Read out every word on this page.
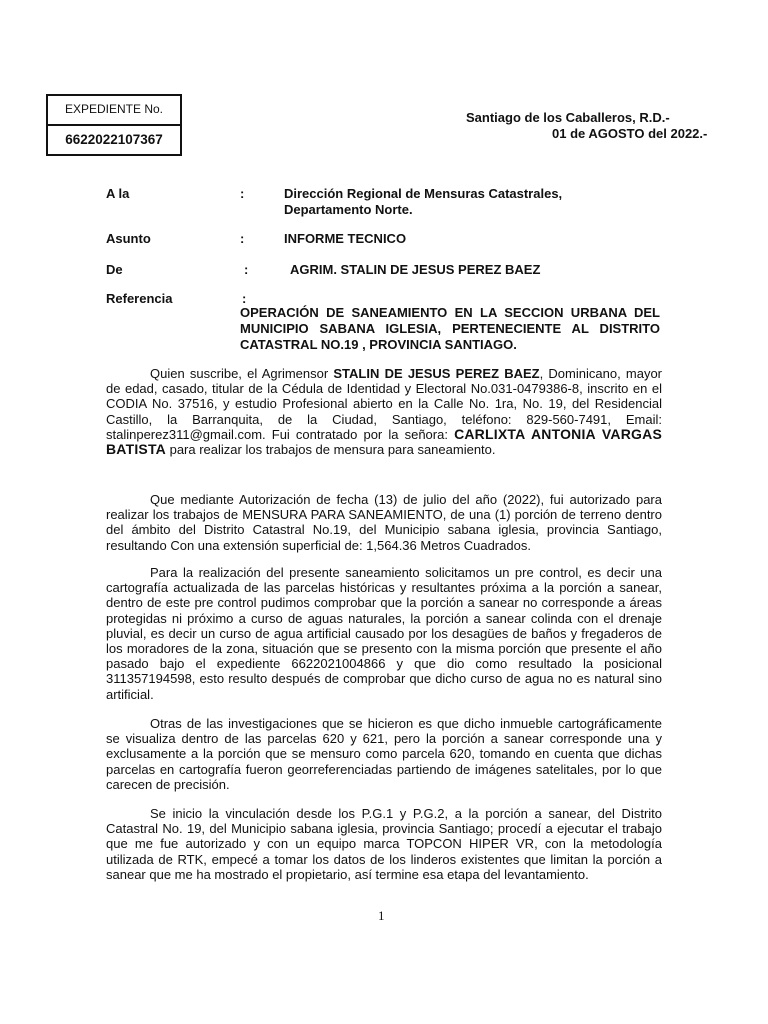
EXPEDIENTE No.
6622022107367
Santiago de los Caballeros, R.D.-
01 de AGOSTO del 2022.-
A la	:	Dirección Regional de Mensuras Catastrales,
Departamento Norte.
Asunto	:	INFORME TECNICO
De	:	AGRIM. STALIN DE JESUS PEREZ BAEZ
Referencia	:
OPERACIÓN DE SANEAMIENTO EN LA SECCION URBANA DEL MUNICIPIO SABANA IGLESIA, PERTENECIENTE AL DISTRITO CATASTRAL NO.19 , PROVINCIA SANTIAGO.

Quien suscribe, el Agrimensor STALIN DE JESUS PEREZ BAEZ, Dominicano, mayor de edad, casado, titular de la Cédula de Identidad y Electoral No.031-0479386-8, inscrito en el CODIA No. 37516, y estudio Profesional abierto en la Calle No. 1ra, No. 19, del Residencial Castillo, la Barranquita, de la Ciudad, Santiago, teléfono: 829-560-7491, Email: stalinperez311@gmail.com. Fui contratado por la señora: CARLIXTA ANTONIA VARGAS BATISTA para realizar los trabajos de mensura para saneamiento.

Que mediante Autorización de fecha (13) de julio del año (2022), fui autorizado para realizar los trabajos de MENSURA PARA SANEAMIENTO, de una (1) porción de terreno dentro del ámbito del Distrito Catastral No.19, del Municipio sabana iglesia, provincia Santiago, resultando Con una extensión superficial de: 1,564.36 Metros Cuadrados.

Para la realización del presente saneamiento solicitamos un pre control, es decir una cartografía actualizada de las parcelas históricas y resultantes próxima a la porción a sanear, dentro de este pre control pudimos comprobar que la porción a sanear no corresponde a áreas protegidas ni próximo a curso de aguas naturales, la porción a sanear colinda con el drenaje pluvial, es decir un curso de agua artificial causado por los desagües de baños y fregaderos de los moradores de la zona, situación que se presento con la misma porción que presente el año pasado bajo el expediente 6622021004866 y que dio como resultado la posicional 311357194598, esto resulto después de comprobar que dicho curso de agua no es natural sino artificial.

Otras de las investigaciones que se hicieron es que dicho inmueble cartográficamente se visualiza dentro de las parcelas 620 y 621, pero la porción a sanear corresponde una y exclusamente a la porción que se mensuro como parcela 620, tomando en cuenta que dichas parcelas en cartografía fueron georreferenciadas partiendo de imágenes satelitales, por lo que carecen de precisión.

Se inicio la vinculación desde los P.G.1 y P.G.2, a la porción a sanear, del Distrito Catastral No. 19, del Municipio sabana iglesia, provincia Santiago; procedí a ejecutar el trabajo que me fue autorizado y con un equipo marca TOPCON HIPER VR, con la metodología utilizada de RTK, empecé a tomar los datos de los linderos existentes que limitan la porción a sanear que me ha mostrado el propietario, así termine esa etapa del levantamiento.

1
